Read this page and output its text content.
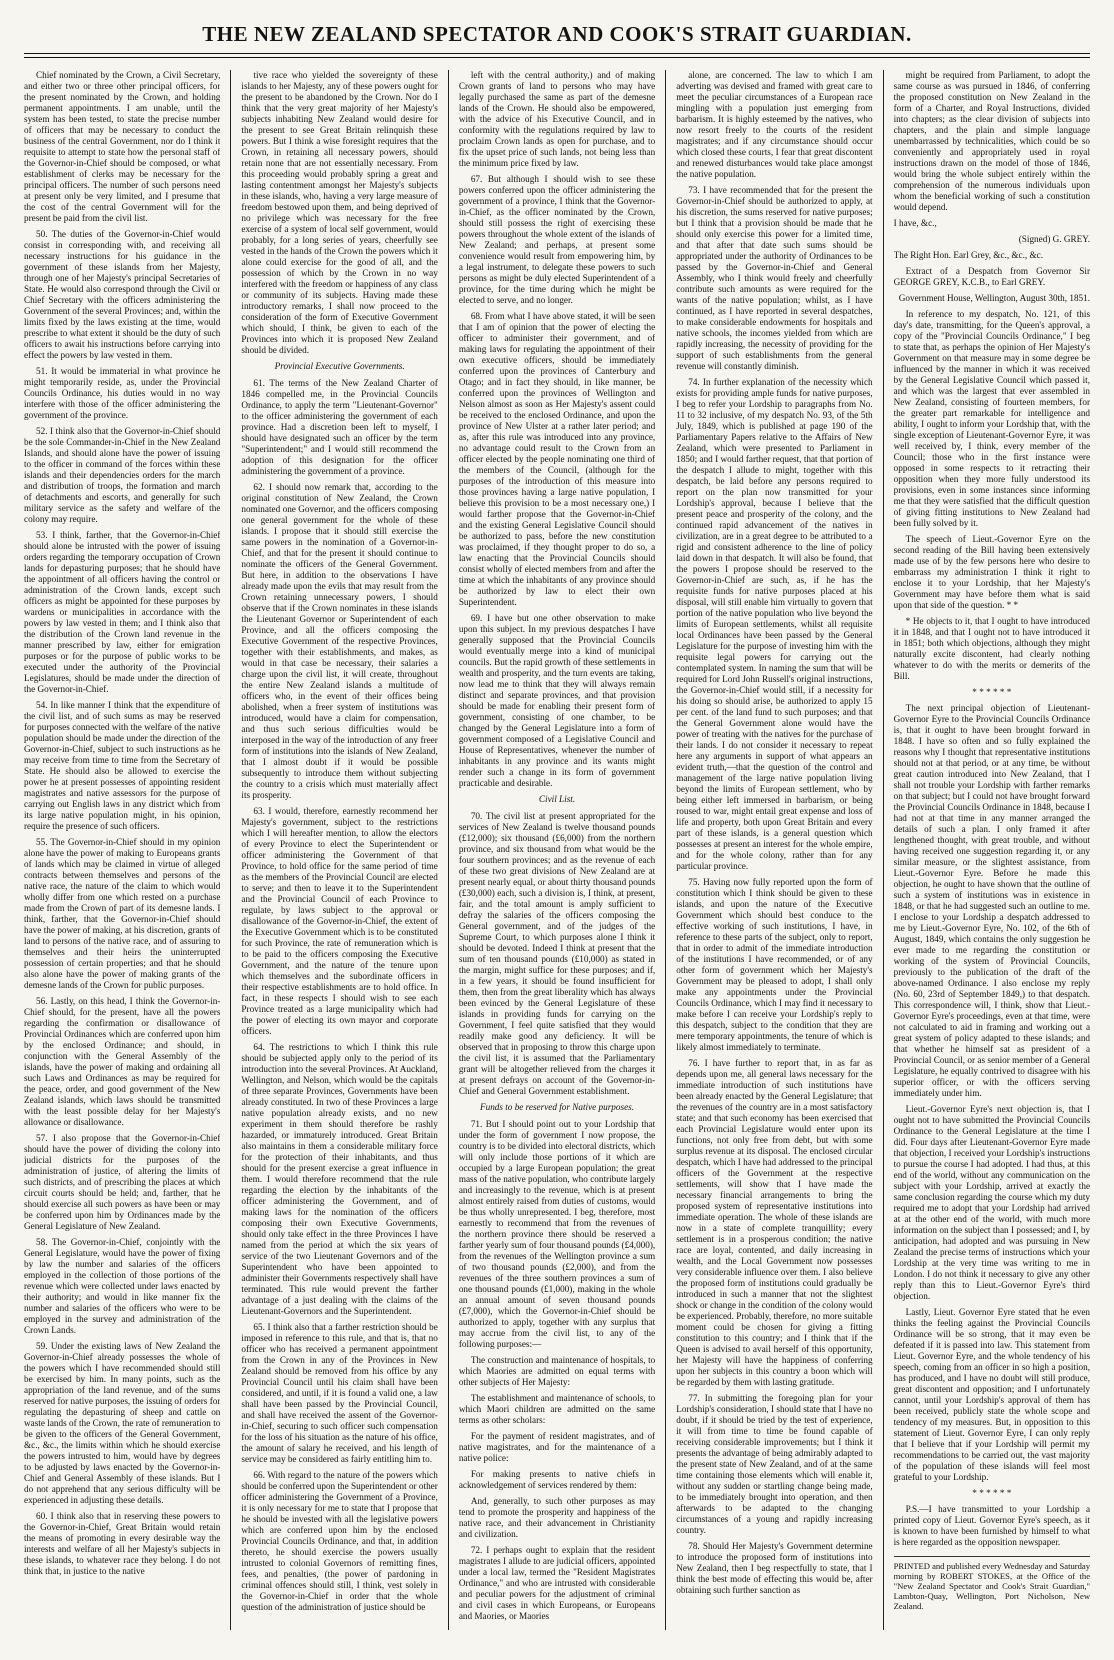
THE NEW ZEALAND SPECTATOR AND COOK'S STRAIT GUARDIAN.

Chief nominated by the Crown, a Civil Secretary, and either two or three other principal officers, for the present nominated by the Crown, and holding permanent appointments. I am unable, until the system has been tested, to state the precise number of officers that may be necessary to conduct the business of the central Government, nor do I think it requisite to attempt to state how the personal staff of the Governor-in-Chief should be composed, or what establishment of clerks may be necessary for the principal officers. The number of such persons need at present only be very limited, and I presume that the cost of the central Government will for the present be paid from the civil list.

50. The duties of the Governor-in-Chief would consist in corresponding with, and receiving all necessary instructions for his guidance in the government of these islands from her Majesty, through one of her Majesty's principal Secretaries of State. He would also correspond through the Civil or Chief Secretary with the officers administering the Government of the several Provinces; and, within the limits fixed by the laws existing at the time, would prescribe to what extent it should be the duty of such officers to await his instructions before carrying into effect the powers by law vested in them.

51. It would be immaterial in what province he might temporarily reside, as, under the Provincial Councils Ordinance, his duties would in no way interfere with those of the officer administering the government of the province.

52. I think also that the Governor-in-Chief should be the sole Commander-in-Chief in the New Zealand Islands, and should alone have the power of issuing to the officer in command of the forces within these islands and their dependencies orders for the march and distribution of troops, the formation and march of detachments and escorts, and generally for such military service as the safety and welfare of the colony may require.

53. I think, farther, that the Governor-in-Chief should alone be intrusted with the power of issuing orders regarding the temporary occupation of Crown lands for depasturing purposes; that he should have the appointment of all officers having the control or administration of the Crown lands, except such officers as might be appointed for these purposes by wardens or municipalities in accordance with the powers by law vested in them; and I think also that the distribution of the Crown land revenue in the manner prescribed by law, either for emigration purposes or for the purpose of public works to be executed under the authority of the Provincial Legislatures, should be made under the direction of the Governor-in-Chief.

54. In like manner I think that the expenditure of the civil list, and of such sums as may be reserved for purposes connected with the welfare of the native population should be made under the direction of the Governor-in-Chief, subject to such instructions as he may receive from time to time from the Secretary of State. He should also be allowed to exercise the power he at present possesses of appointing resident magistrates and native assessors for the purpose of carrying out English laws in any district which from its large native population might, in his opinion, require the presence of such officers.

55. The Governor-in-Chief should in my opinion alone have the power of making to Europeans grants of lands which may be claimed in virtue of alleged contracts between themselves and persons of the native race, the nature of the claim to which would wholly differ from one which rested on a purchase made from the Crown of part of its demesne lands. I think, farther, that the Governor-in-Chief should have the power of making, at his discretion, grants of land to persons of the native race, and of assuring to themselves and their heirs the uninterrupted possession of certain properties; and that he should also alone have the power of making grants of the demesne lands of the Crown for public purposes.

56. Lastly, on this head, I think the Governor-in-Chief should, for the present, have all the powers regarding the confirmation or disallowance of Provincial Ordinances which are conferred upon him by the enclosed Ordinance; and should, in conjunction with the General Assembly of the islands, have the power of making and ordaining all such Laws and Ordinances as may be required for the peace, order, and good government of the New Zealand islands, which laws should be transmitted with the least possible delay for her Majesty's allowance or disallowance.

57. I also propose that the Governor-in-Chief should have the power of dividing the colony into judicial districts for the purposes of the administration of justice, of altering the limits of such districts, and of prescribing the places at which circuit courts should be held; and, farther, that he should exercise all such powers as have been or may be conferred upon him by Ordinances made by the General Legislature of New Zealand.

58. The Governor-in-Chief, conjointly with the General Legislature, would have the power of fixing by law the number and salaries of the officers employed in the collection of those portions of the revenue which were collected under laws enacted by their authority; and would in like manner fix the number and salaries of the officers who were to be employed in the survey and administration of the Crown Lands.

59. Under the existing laws of New Zealand the Governor-in-Chief already possesses the whole of the powers which I have recommended should still be exercised by him. In many points, such as the appropriation of the land revenue, and of the sums reserved for native purposes, the issuing of orders for regulating the depasturing of sheep and cattle on waste lands of the Crown, the rate of remuneration to be given to the officers of the General Government, &c., &c., the limits within which he should exercise the powers intrusted to him, would have by degrees to be adjusted by laws enacted by the Governor-in-Chief and General Assembly of these islands. But I do not apprehend that any serious difficulty will be experienced in adjusting these details.

60. I think also that in reserving these powers to the Governor-in-Chief, Great Britain would retain the means of promoting in every desirable way the interests and welfare of all her Majesty's subjects in these islands, to whatever race they belong. I do not think that, in justice to the native

tive race who yielded the sovereignty of these islands to her Majesty, any of these powers ought for the present to be abandoned by the Crown. Nor do I think that the very great majority of her Majesty's subjects inhabiting New Zealand would desire for the present to see Great Britain relinquish these powers. But I think a wise foresight requires that the Crown, in retaining all necessary powers, should retain none that are not essentially necessary. From this proceeding would probably spring a great and lasting contentment amongst her Majesty's subjects in these islands, who, having a very large measure of freedom bestowed upon them, and being deprived of no privilege which was necessary for the free exercise of a system of local self government, would probably, for a long series of years, cheerfully see vested in the hands of the Crown the powers which it alone could exercise for the good of all, and the possession of which by the Crown in no way interfered with the freedom or happiness of any class or community of its subjects. Having made these introductory remarks, I shall now proceed to the consideration of the form of Executive Government which should, I think, be given to each of the Provinces into which it is proposed New Zealand should be divided.

Provincial Executive Governments.

61. The terms of the New Zealand Charter of 1846 compelled me, in the Provincial Councils Ordinance, to apply the term "Lieutenant-Governor" to the officer administering the government of each province. Had a discretion been left to myself, I should have designated such an officer by the term "Superintendent;" and I would still recommend the adoption of this designation for the officer administering the government of a province.

62. I should now remark that, according to the original constitution of New Zealand, the Crown nominated one Governor, and the officers composing one general government for the whole of these islands. I propose that it should still exercise the same powers in the nomination of a Governor-in-Chief, and that for the present it should continue to nominate the officers of the General Government. But here, in addition to the observations I have already made upon the evils that may result from the Crown retaining unnecessary powers, I should observe that if the Crown nominates in these islands the Lieutenant Governor or Superintendent of each Province, and all the officers composing the Executive Government of the respective Provinces, together with their establishments, and makes, as would in that case be necessary, their salaries a charge upon the civil list, it will create, throughout the entire New Zealand islands a multitude of officers who, in the event of their offices being abolished, when a freer system of institutions was introduced, would have a claim for compensation, and thus such serious difficulties would be interposed in the way of the introduction of any freer form of institutions into the islands of New Zealand, that I almost doubt if it would be possible subsequently to introduce them without subjecting the country to a crisis which must materially affect its prosperity.

63. I would, therefore, earnestly recommend her Majesty's government, subject to the restrictions which I will hereafter mention, to allow the electors of every Province to elect the Superintendent or officer administering the Government of that Province, to hold office for the same period of time as the members of the Provincial Council are elected to serve; and then to leave it to the Superintendent and the Provincial Council of each Province to regulate, by laws subject to the approval or disallowance of the Governor-in-Chief, the extent of the Executive Government which is to be constituted for such Province, the rate of remuneration which is to be paid to the officers composing the Executive Government, and the nature of the tenure upon which themselves and the subordinate officers in their respective establishments are to hold office. In fact, in these respects I should wish to see each Province treated as a large municipality which had the power of electing its own mayor and corporate officers.

64. The restrictions to which I think this rule should be subjected apply only to the period of its introduction into the several Provinces. At Auckland, Wellington, and Nelson, which would be the capitals of three separate Provinces, Governments have been already constituted. In two of these Provinces a large native population already exists, and no new experiment in them should therefore be rashly hazarded, or immaturely introduced. Great Britain also maintains in them a considerable military force for the protection of their inhabitants, and thus should for the present exercise a great influence in them. I would therefore recommend that the rule regarding the election by the inhabitants of the officer administering the Government, and of making laws for the nomination of the officers composing their own Executive Governments, should only take effect in the three Provinces I have named from the period at which the six years of service of the two Lieutenant Governors and of the Superintendent who have been appointed to administer their Governments respectively shall have terminated. This rule would prevent the farther advantage of a just dealing with the claims of the Lieutenant-Governors and the Superintendent.

65. I think also that a farther restriction should be imposed in reference to this rule, and that is, that no officer who has received a permanent appointment from the Crown in any of the Provinces in New Zealand should be removed from his office by any Provincial Council until his claim shall have been considered, and until, if it is found a valid one, a law shall have been passed by the Provincial Council, and shall have received the assent of the Governor-in-Chief, securing to such officer such compensation for the loss of his situation as the nature of his office, the amount of salary he received, and his length of service may be considered as fairly entitling him to.

66. With regard to the nature of the powers which should be conferred upon the Superintendent or other officer administering the Government of a Province, it is only necessary for me to state that I propose that he should be invested with all the legislative powers which are conferred upon him by the enclosed Provincial Councils Ordinance, and that, in addition thereto, he should exercise the powers usually intrusted to colonial Governors of remitting fines, fees, and penalties, (the power of pardoning in criminal offences should still, I think, vest solely in the Governor-in-Chief in order that the whole question of the administration of justice should be

left with the central authority,) and of making Crown grants of land to persons who may have legally purchased the same as part of the demesne lands of the Crown. He should also be empowered, with the advice of his Executive Council, and in conformity with the regulations required by law to proclaim Crown lands as open for purchase, and to fix the upset price of such lands, not being less than the minimum price fixed by law.

67. But although I should wish to see these powers conferred upon the officer administering the government of a province, I think that the Governor-in-Chief, as the officer nominated by the Crown, should still possess the right of exercising these powers throughout the whole extent of the islands of New Zealand; and perhaps, at present some convenience would result from empowering him, by a legal instrument, to delegate these powers to such persons as might be duly elected Superintendent of a province, for the time during which he might be elected to serve, and no longer.

68. From what I have above stated, it will be seen that I am of opinion that the power of electing the officer to administer their government, and of making laws for regulating the appointment of their own executive officers, should be immediately conferred upon the provinces of Canterbury and Otago; and in fact they should, in like manner, be conferred upon the provinces of Wellington and Nelson almost as soon as Her Majesty's assent could be received to the enclosed Ordinance, and upon the province of New Ulster at a rather later period; and as, after this rule was introduced into any province, no advantage could result to the Crown from an officer elected by the people nominating one third of the members of the Council, (although for the purposes of the introduction of this measure into those provinces having a large native population, I believe this provision to be a most necessary one,) I would farther propose that the Governor-in-Chief and the existing General Legislative Council should be authorized to pass, before the new constitution was proclaimed, if they thought proper to do so, a law enacting that the Provincial Councils should consist wholly of elected members from and after the time at which the inhabitants of any province should be authorized by law to elect their own Superintendent.

69. I have but one other observation to make upon this subject. In my previous despatches I have generally supposed that the Provincial Councils would eventually merge into a kind of municipal councils. But the rapid growth of these settlements in wealth and prosperity, and the turn events are taking, now lead me to think that they will always remain distinct and separate provinces, and that provision should be made for enabling their present form of government, consisting of one chamber, to be changed by the General Legislature into a form of government composed of a Legislative Council and House of Representatives, whenever the number of inhabitants in any province and its wants might render such a change in its form of government practicable and desirable.

Civil List.

70. The civil list at present appropriated for the services of New Zealand is twelve thousand pounds (£12,000); six thousand (£6,000) from the northern province, and six thousand from what would be the four southern provinces; and as the revenue of each of these two great divisions of New Zealand are at present nearly equal, or about thirty thousand pounds (£30,000) each, such a division is, I think, at present, fair, and the total amount is amply sufficient to defray the salaries of the officers composing the General government, and of the judges of the Supreme Court, to which purposes alone I think it should be devoted. Indeed I think at present that the sum of ten thousand pounds (£10,000) as stated in the margin, might suffice for these purposes; and if, in a few years, it should be found insufficient for them, then from the great liberality which has always been evinced by the General Legislature of these islands in providing funds for carrying on the Government, I feel quite satisfied that they would readily make good any deficiency. It will be observed that in proposing to throw this charge upon the civil list, it is assumed that the Parliamentary grant will be altogether relieved from the charges it at present defrays on account of the Governor-in-Chief and General Government establishment.

Funds to be reserved for Native purposes.

71. But I should point out to your Lordship that under the form of government I now propose, the country is to be divided into electoral districts, which will only include those portions of it which are occupied by a large European population; the great mass of the native population, who contribute largely and increasingly to the revenue, which is at present almost entirely raised from duties of customs, would be thus wholly unrepresented. I beg, therefore, most earnestly to recommend that from the revenues of the northern province there should be reserved a farther yearly sum of four thousand pounds (£4,000), from the revenues of the Wellington province a sum of two thousand pounds (£2,000), and from the revenues of the three southern provinces a sum of one thousand pounds (£1,000), making in the whole an annual amount of seven thousand pounds (£7,000), which the Governor-in-Chief should be authorized to apply, together with any surplus that may accrue from the civil list, to any of the following purposes:—

The construction and maintenance of hospitals, to which Maories are admitted on equal terms with other subjects of Her Majesty:

The establishment and maintenance of schools, to which Maori children are admitted on the same terms as other scholars:

For the payment of resident magistrates, and of native magistrates, and for the maintenance of a native police:

For making presents to native chiefs in acknowledgement of services rendered by them:

And, generally, to such other purposes as may tend to promote the prosperity and happiness of the native race, and their advancement in Christianity and civilization.

72. I perhaps ought to explain that the resident magistrates I allude to are judicial officers, appointed under a local law, termed the "Resident Magistrates Ordinance," and who are intrusted with considerable and peculiar powers for the adjustment of criminal and civil cases in which Europeans, or Europeans and Maories, or Maories

alone, are concerned. The law to which I am adverting was devised and framed with great care to meet the peculiar circumstances of a European race mingling with a population just emerging from barbarism. It is highly esteemed by the natives, who now resort freely to the courts of the resident magistrates; and if any circumstance should occur which closed these courts, I fear that great discontent and renewed disturbances would take place amongst the native population.

73. I have recommended that for the present the Governor-in-Chief should be authorized to apply, at his discretion, the sums reserved for native purposes; but I think that a provision should be made that he should only exercise this power for a limited time, and that after that date such sums should be appropriated under the authority of Ordinances to be passed by the Governor-in-Chief and General Assembly, who I think would freely and cheerfully contribute such amounts as were required for the wants of the native population; whilst, as I have continued, as I have reported in several despatches, to make considerable endowments for hospitals and native schools, the incomes yielded from which are rapidly increasing, the necessity of providing for the support of such establishments from the general revenue will constantly diminish.

74. In further explanation of the necessity which exists for providing ample funds for native purposes, I beg to refer your Lordship to paragraphs from No. 11 to 32 inclusive, of my despatch No. 93, of the 5th July, 1849, which is published at page 190 of the Parliamentary Papers relative to the Affairs of New Zealand, which were presented to Parliament in 1850; and I would farther request, that that portion of the despatch I allude to might, together with this despatch, be laid before any persons required to report on the plan now transmitted for your Lordship's approval, because I believe that the present peace and prosperity of the colony, and the continued rapid advancement of the natives in civilization, are in a great degree to be attributed to a rigid and consistent adherence to the line of policy laid down in that despatch. It will also be found, that the powers I propose should be reserved to the Governor-in-Chief are such, as, if he has the requisite funds for native purposes placed at his disposal, will still enable him virtually to govern that portion of the native population who live beyond the limits of European settlements, whilst all requisite local Ordinances have been passed by the General Legislature for the purpose of investing him with the requisite legal powers for carrying out the contemplated system. In naming the sum that will be required for Lord John Russell's original instructions, the Governor-in-Chief would still, if a necessity for his doing so should arise, be authorized to apply 15 per cent. of the land fund to such purposes; and that the General Government alone would have the power of treating with the natives for the purchase of their lands. I do not consider it necessary to repeat here any arguments in support of what appears an evident truth,—that the question of the control and management of the large native population living beyond the limits of European settlement, who by being either left immersed in barbarism, or being roused to war, might entail great expense and loss of life and property, both upon Great Britain and every part of these islands, is a general question which possesses at present an interest for the whole empire, and for the whole colony, rather than for any particular province.

75. Having now fully reported upon the form of constitution which I think should be given to these islands, and upon the nature of the Executive Government which should best conduce to the effective working of such institutions, I have, in reference to these parts of the subject, only to report, that in order to admit of the immediate introduction of the institutions I have recommended, or of any other form of government which her Majesty's Government may be pleased to adopt, I shall only make any appointments under the Provincial Councils Ordinance, which I may find it necessary to make before I can receive your Lordship's reply to this despatch, subject to the condition that they are mere temporary appointments, the tenure of which is likely almost immediately to terminate.

76. I have further to report that, in as far as depends upon me, all general laws necessary for the immediate introduction of such institutions have been already enacted by the General Legislature; that the revenues of the country are in a most satisfactory state; and that such economy has been exercised that each Provincial Legislature would enter upon its functions, not only free from debt, but with some surplus revenue at its disposal. The enclosed circular despatch, which I have had addressed to the principal officers of the Government at the respective settlements, will show that I have made the necessary financial arrangements to bring the proposed system of representative institutions into immediate operation. The whole of these islands are now in a state of complete tranquillity; every settlement is in a prosperous condition; the native race are loyal, contented, and daily increasing in wealth, and the Local Government now possesses very considerable influence over them. I also believe the proposed form of institutions could gradually be introduced in such a manner that not the slightest shock or change in the condition of the colony would be experienced. Probably, therefore, no more suitable moment could be chosen for giving a fitting constitution to this country; and I think that if the Queen is advised to avail herself of this opportunity, her Majesty will have the happiness of conferring upon her subjects in this country a boon which will be regarded by them with lasting gratitude.

77. In submitting the foregoing plan for your Lordship's consideration, I should state that I have no doubt, if it should be tried by the test of experience, it will from time to time be found capable of receiving considerable improvements; but I think it presents the advantage of being admirably adapted to the present state of New Zealand, and of at the same time containing those elements which will enable it, without any sudden or startling change being made, to be immediately brought into operation, and then afterwards to be adapted to the changing circumstances of a young and rapidly increasing country.

78. Should Her Majesty's Government determine to introduce the proposed form of institutions into New Zealand, then I beg respectfully to state, that I think the best mode of effecting this would be, after obtaining such further sanction as

might be required from Parliament, to adopt the same course as was pursued in 1846, of conferring the proposed constitution on New Zealand in the form of a Charter, and Royal Instructions, divided into chapters; as the clear division of subjects into chapters, and the plain and simple language unembarrassed by technicalities, which could be so conveniently and appropriately used in royal instructions drawn on the model of those of 1846, would bring the whole subject entirely within the comprehension of the numerous individuals upon whom the beneficial working of such a constitution would depend.

I have, &c.,

(Signed) G. GREY.

The Right Hon. Earl Grey, &c., &c., &c.

Extract of a Despatch from Governor Sir GEORGE GREY, K.C.B., to Earl GREY.

Government House, Wellington, August 30th, 1851.

In reference to my despatch, No. 121, of this day's date, transmitting, for the Queen's approval, a copy of the "Provincial Councils Ordinance," I beg to state that, as perhaps the opinion of Her Majesty's Government on that measure may in some degree be influenced by the manner in which it was received by the General Legislative Council which passed it, and which was the largest that ever assembled in New Zealand, consisting of fourteen members, for the greater part remarkable for intelligence and ability, I ought to inform your Lordship that, with the single exception of Lieutenant-Governor Eyre, it was well received by, I think, every member of the Council; those who in the first instance were opposed in some respects to it retracting their opposition when they more fully understood its provisions, even in some instances since informing me that they were satisfied that the difficult question of giving fitting institutions to New Zealand had been fully solved by it.

The speech of Lieut.-Governor Eyre on the second reading of the Bill having been extensively made use of by the few persons here who desire to embarrass my administration I think it right to enclose it to your Lordship, that her Majesty's Government may have before them what is said upon that side of the question. * *

* He objects to it, that I ought to have introduced it in 1848, and that I ought not to have introduced it in 1851; both which objections, although they might naturally excite discontent, had clearly nothing whatever to do with the merits or demerits of the Bill.

* * * * * *

The next principal objection of Lieutenant-Governor Eyre to the Provincial Councils Ordinance is, that it ought to have been brought forward in 1848. I have so often and so fully explained the reasons why I thought that representative institutions should not at that period, or at any time, be without great caution introduced into New Zealand, that I shall not trouble your Lordship with farther remarks on that subject; but I could not have brought forward the Provincial Councils Ordinance in 1848, because I had not at that time in any manner arranged the details of such a plan. I only framed it after lengthened thought, with great trouble, and without having received one suggestion regarding it, or any similar measure, or the slightest assistance, from Lieut.-Governor Eyre. Before he made this objection, he ought to have shown that the outline of such a system of institutions was in existence in 1848, or that he had suggested such an outline to me. I enclose to your Lordship a despatch addressed to me by Lieut.-Governor Eyre, No. 102, of the 6th of August, 1849, which contains the only suggestion he ever made to me regarding the constitution or working of the system of Provincial Councils, previously to the publication of the draft of the above-named Ordinance. I also enclose my reply (No. 60, 23rd of September 1849,) to that despatch. This correspondence will, I think, show that Lieut.-Governor Eyre's proceedings, even at that time, were not calculated to aid in framing and working out a great system of policy adapted to these islands; and that whether he himself sat as president of a Provincial Council, or as senior member of a General Legislature, he equally contrived to disagree with his superior officer, or with the officers serving immediately under him.

Lieut.-Governor Eyre's next objection is, that I ought not to have submitted the Provincial Councils Ordinance to the General Legislature at the time I did. Four days after Lieutenant-Governor Eyre made that objection, I received your Lordship's instructions to pursue the course I had adopted. I had thus, at this end of the world, without any communication on the subject with your Lordship, arrived at exactly the same conclusion regarding the course which my duty required me to adopt that your Lordship had arrived at at the other end of the world, with much more information on the subject than I possessed; and I, by anticipation, had adopted and was pursuing in New Zealand the precise terms of instructions which your Lordship at the very time was writing to me in London. I do not think it necessary to give any other reply than this to Lieut.-Governor Eyre's third objection.

Lastly, Lieut. Governor Eyre stated that he even thinks the feeling against the Provincial Councils Ordinance will be so strong, that it may even be defeated if it is passed into law. This statement from Lieut. Governor Eyre, and the whole tendency of his speech, coming from an officer in so high a position, has produced, and I have no doubt will still produce, great discontent and opposition; and I unfortunately cannot, until your Lordship's approval of them has been received, publicly state the whole scope and tendency of my measures. But, in opposition to this statement of Lieut. Governor Eyre, I can only reply that I believe that if your Lordship will permit my recommendations to be carried out, the vast majority of the population of these islands will feel most grateful to your Lordship.

* * * * * *

P.S.—I have transmitted to your Lordship a printed copy of Lieut. Governor Eyre's speech, as it is known to have been furnished by himself to what is here regarded as the opposition newspaper.

PRINTED and published every Wednesday and Saturday morning by ROBERT STOKES, at the Office of the "New Zealand Spectator and Cook's Strait Guardian," Lambton-Quay, Wellington, Port Nicholson, New Zealand.
